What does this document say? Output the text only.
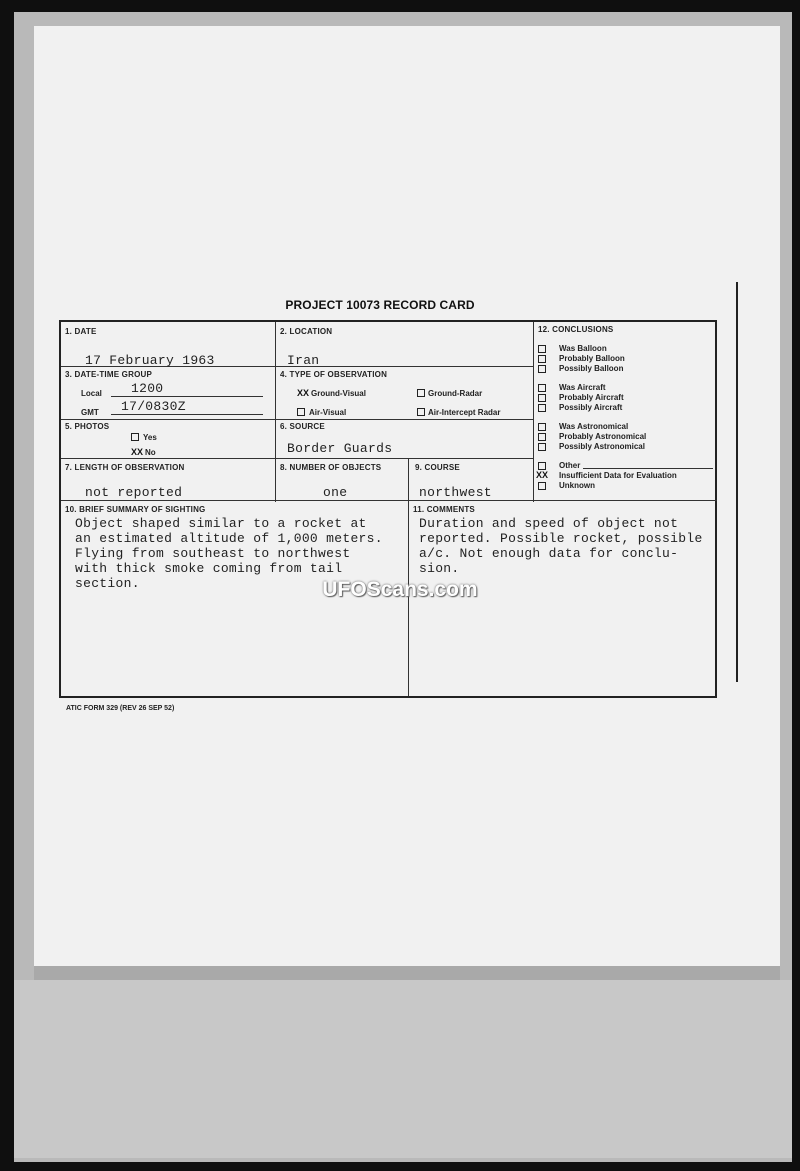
PROJECT 10073 RECORD CARD
1. DATE
17 February 1963
2. LOCATION
Iran
3. DATE-TIME GROUP
Local 1200
GMT 17/0830Z
4. TYPE OF OBSERVATION
XX Ground-Visual	Ground-Radar
Air-Visual	Air-Intercept Radar
5. PHOTOS
Yes
XX No
6. SOURCE
Border Guards
7. LENGTH OF OBSERVATION
not reported
8. NUMBER OF OBJECTS
one
9. COURSE
northwest
10. BRIEF SUMMARY OF SIGHTING
Object shaped similar to a rocket at
an estimated altitude of 1,000 meters.
Flying from southeast to northwest
with thick smoke coming from tail
section.
11. COMMENTS
Duration and speed of object not
reported. Possible rocket, possible
a/c. Not enough data for conclu-
sion.
12. CONCLUSIONS
Was Balloon
Probably Balloon
Possibly Balloon
Was Aircraft
Probably Aircraft
Possibly Aircraft
Was Astronomical
Probably Astronomical
Possibly Astronomical
Other
XX Insufficient Data for Evaluation
Unknown
UFOScans.com
ATIC FORM 329 (REV 26 SEP 52)
